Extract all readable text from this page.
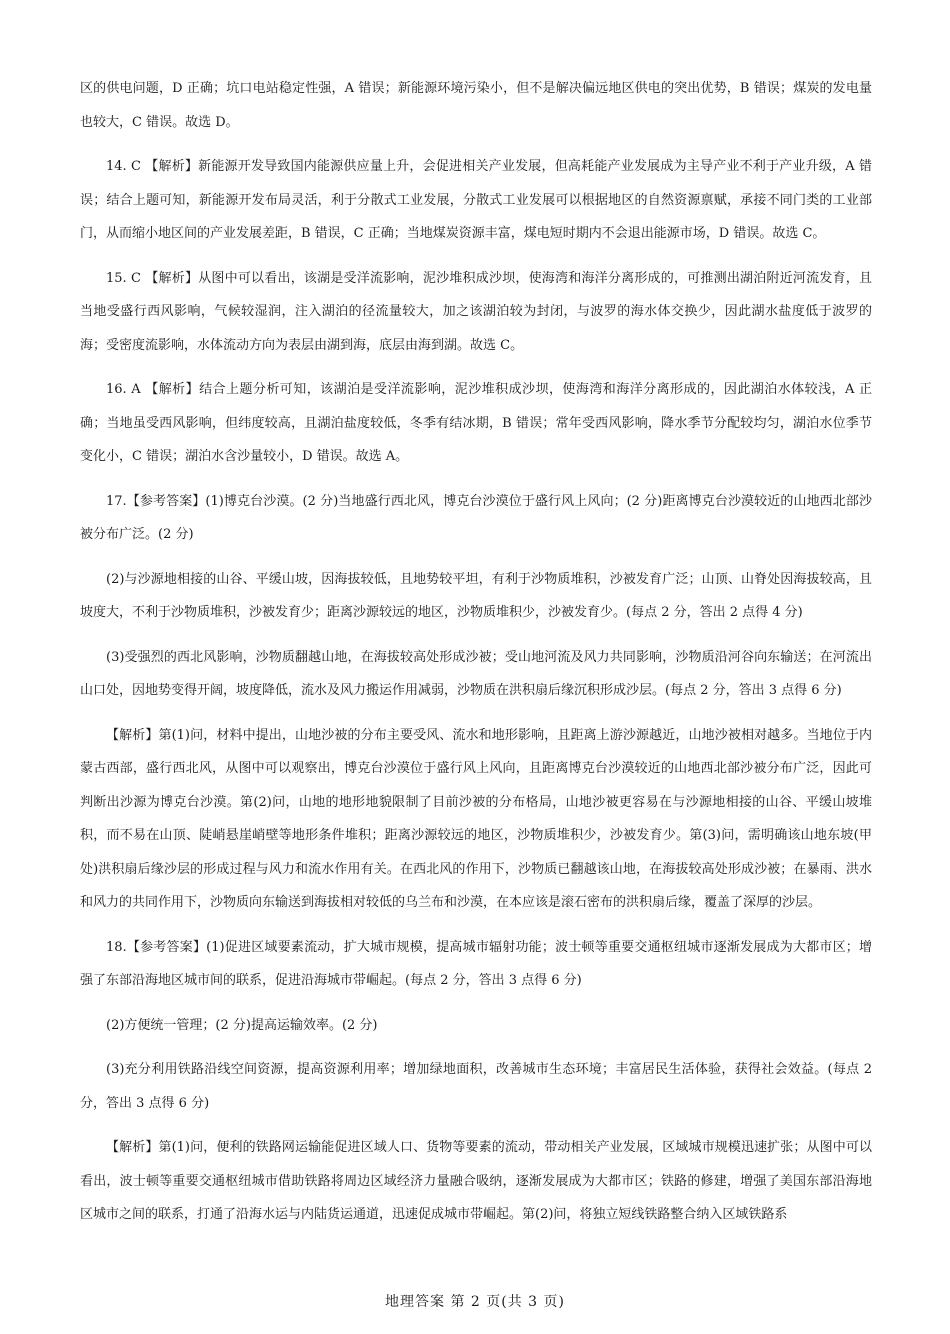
区的供电问题，D 正确；坑口电站稳定性强，A 错误；新能源环境污染小，但不是解决偏远地区供电的突出优势，B 错误；煤炭的发电量也较大，C 错误。故选 D。

14. C 【解析】新能源开发导致国内能源供应量上升，会促进相关产业发展，但高耗能产业发展成为主导产业不利于产业升级，A 错误；结合上题可知，新能源开发布局灵活，利于分散式工业发展，分散式工业发展可以根据地区的自然资源禀赋，承接不同门类的工业部门，从而缩小地区间的产业发展差距，B 错误，C 正确；当地煤炭资源丰富，煤电短时期内不会退出能源市场，D 错误。故选 C。

15. C 【解析】从图中可以看出，该湖是受洋流影响，泥沙堆积成沙坝，使海湾和海洋分离形成的，可推测出湖泊附近河流发育，且当地受盛行西风影响，气候较湿润，注入湖泊的径流量较大，加之该湖泊较为封闭，与波罗的海水体交换少，因此湖水盐度低于波罗的海；受密度流影响，水体流动方向为表层由湖到海，底层由海到湖。故选 C。

16. A 【解析】结合上题分析可知，该湖泊是受洋流影响，泥沙堆积成沙坝，使海湾和海洋分离形成的，因此湖泊水体较浅，A 正确；当地虽受西风影响，但纬度较高，且湖泊盐度较低，冬季有结冰期，B 错误；常年受西风影响，降水季节分配较均匀，湖泊水位季节变化小，C 错误；湖泊水含沙量较小，D 错误。故选 A。

17.【参考答案】(1)博克台沙漠。(2 分)当地盛行西北风，博克台沙漠位于盛行风上风向；(2 分)距离博克台沙漠较近的山地西北部沙被分布广泛。(2 分)

(2)与沙源地相接的山谷、平缓山坡，因海拔较低，且地势较平坦，有利于沙物质堆积，沙被发育广泛；山顶、山脊处因海拔较高，且坡度大，不利于沙物质堆积，沙被发育少；距离沙源较远的地区，沙物质堆积少，沙被发育少。(每点 2 分，答出 2 点得 4 分)

(3)受强烈的西北风影响，沙物质翻越山地，在海拔较高处形成沙被；受山地河流及风力共同影响，沙物质沿河谷向东输送；在河流出山口处，因地势变得开阔，坡度降低，流水及风力搬运作用减弱，沙物质在洪积扇后缘沉积形成沙层。(每点 2 分，答出 3 点得 6 分)

【解析】第(1)问，材料中提出，山地沙被的分布主要受风、流水和地形影响，且距离上游沙源越近，山地沙被相对越多。当地位于内蒙古西部，盛行西北风，从图中可以观察出，博克台沙漠位于盛行风上风向，且距离博克台沙漠较近的山地西北部沙被分布广泛，因此可判断出沙源为博克台沙漠。第(2)问，山地的地形地貌限制了目前沙被的分布格局，山地沙被更容易在与沙源地相接的山谷、平缓山坡堆积，而不易在山顶、陡峭悬崖峭壁等地形条件堆积；距离沙源较远的地区，沙物质堆积少，沙被发育少。第(3)问，需明确该山地东坡(甲处)洪积扇后缘沙层的形成过程与风力和流水作用有关。在西北风的作用下，沙物质已翻越该山地，在海拔较高处形成沙被；在暴雨、洪水和风力的共同作用下，沙物质向东输送到海拔相对较低的乌兰布和沙漠，在本应该是滚石密布的洪积扇后缘，覆盖了深厚的沙层。

18.【参考答案】(1)促进区域要素流动，扩大城市规模，提高城市辐射功能；波士顿等重要交通枢纽城市逐渐发展成为大都市区；增强了东部沿海地区城市间的联系，促进沿海城市带崛起。(每点 2 分，答出 3 点得 6 分)

(2)方便统一管理；(2 分)提高运输效率。(2 分)

(3)充分利用铁路沿线空间资源，提高资源利用率；增加绿地面积，改善城市生态环境；丰富居民生活体验，获得社会效益。(每点 2 分，答出 3 点得 6 分)

【解析】第(1)问，便利的铁路网运输能促进区域人口、货物等要素的流动，带动相关产业发展，区域城市规模迅速扩张；从图中可以看出，波士顿等重要交通枢纽城市借助铁路将周边区域经济力量融合吸纳，逐渐发展成为大都市区；铁路的修建，增强了美国东部沿海地区城市之间的联系，打通了沿海水运与内陆货运通道，迅速促成城市带崛起。第(2)问，将独立短线铁路整合纳入区域铁路系

地理答案 第 2 页(共 3 页)
